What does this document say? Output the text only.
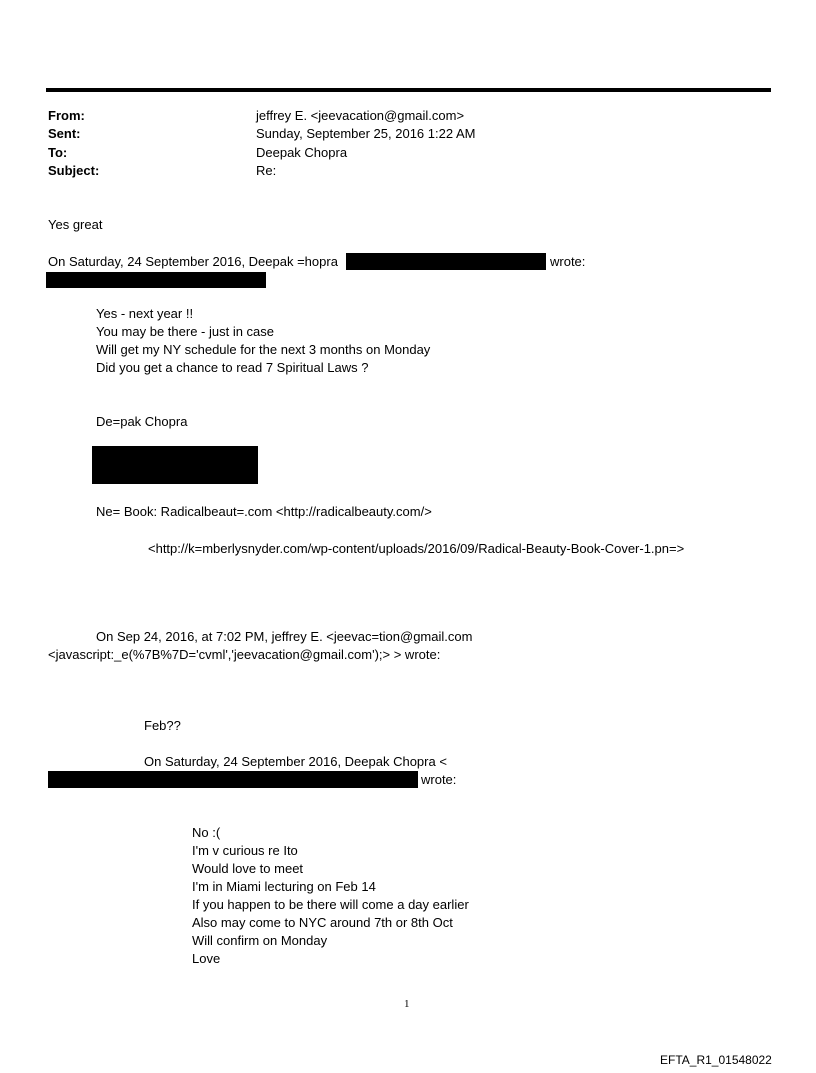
From:	jeffrey E. <jeevacation@gmail.com>
Sent:	Sunday, September 25, 2016 1:22 AM
To:	Deepak Chopra
Subject:	Re:
Yes great
On Saturday, 24 September 2016, Deepak =hopra	wrote:
Yes - next year !!
You may be there - just in case
Will get my NY schedule for the next 3 months on Monday
Did you get a chance to read 7 Spiritual Laws ?
De=pak Chopra
Ne= Book: Radicalbeaut=.com <http://radicalbeauty.com/>
<http://k=mberlysnyder.com/wp-content/uploads/2016/09/Radical-Beauty-Book-Cover-1.pn=>
On Sep 24, 2016, at 7:02 PM, jeffrey E. <jeevac=tion@gmail.com
<javascript:_e(%7B%7D='cvml','jeevacation@gmail.com');> > wrote:
Feb??
On Saturday, 24 September 2016, Deepak Chopra <
wrote:
No :(
I'm v curious re Ito
Would love to meet
I'm in Miami lecturing on Feb 14
If you happen to be there will come a day earlier
Also may come to NYC around 7th or 8th Oct
Will confirm on Monday
Love
1
EFTA_R1_01548022
